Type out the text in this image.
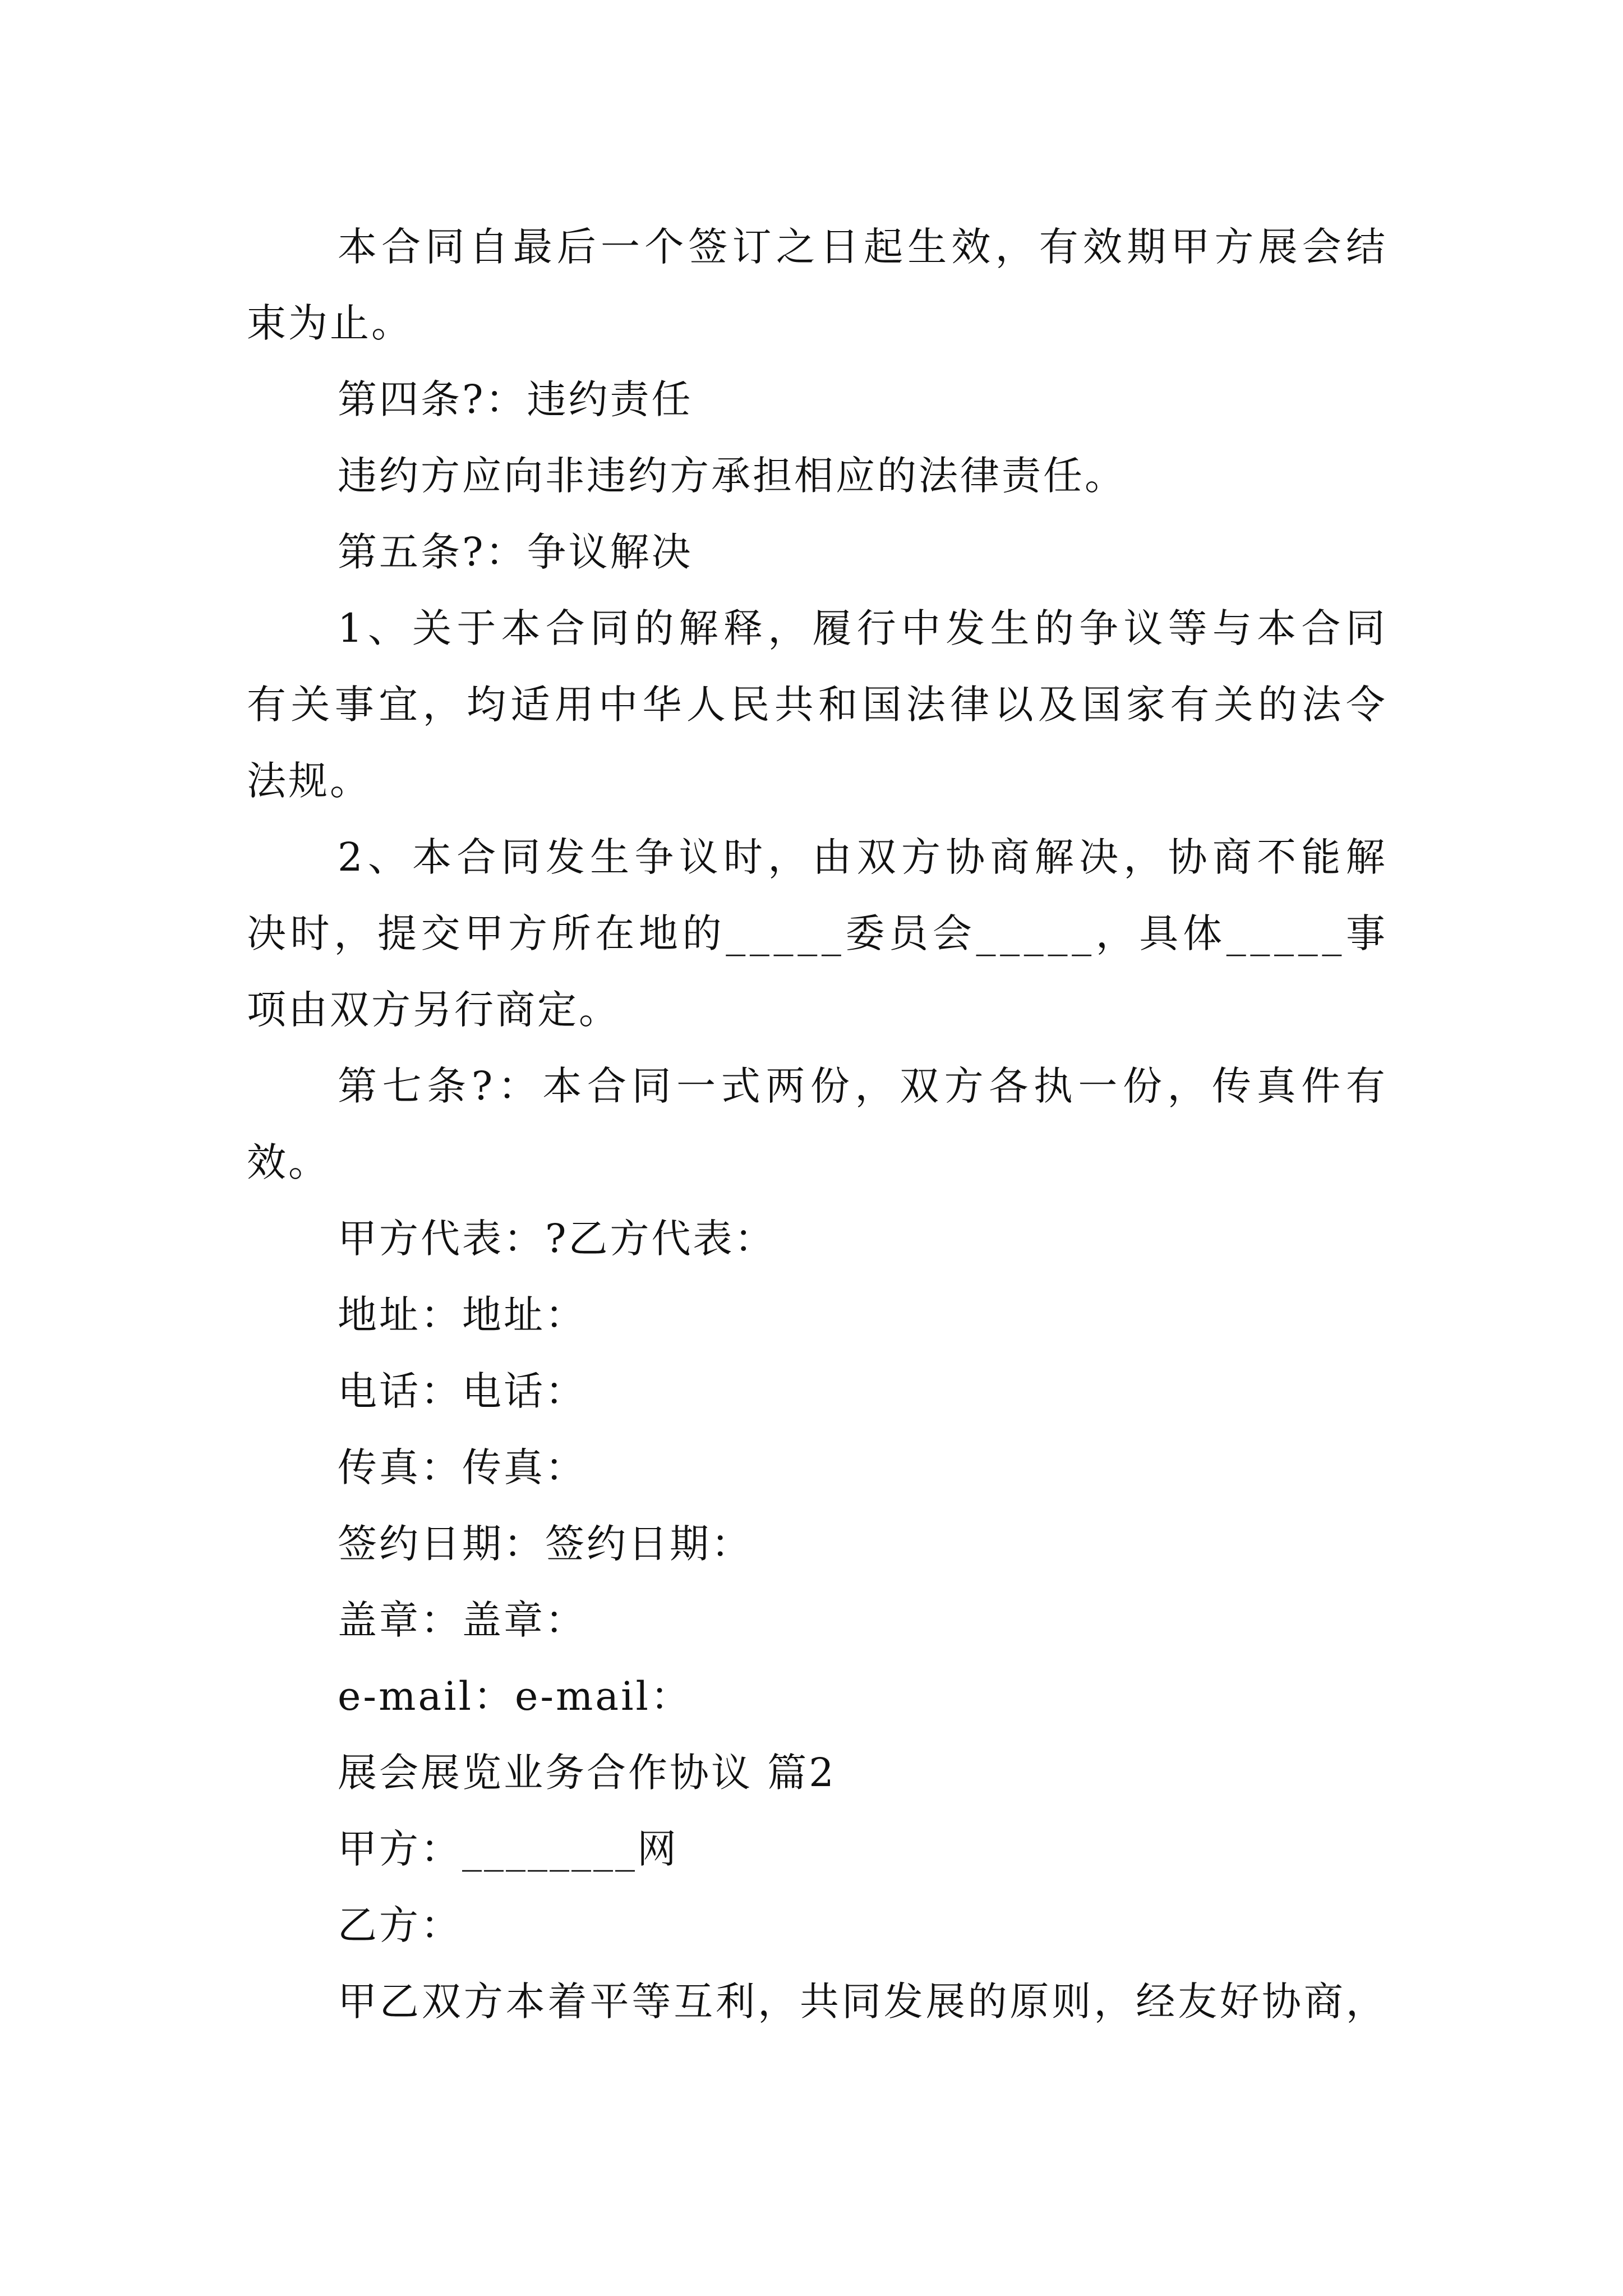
本 合 同 自 最 后 一 个 签 订 之 日 起 生 效 ， 有 效 期 甲 方 展 会 结
束为止。
第四条?：违约责任
违约方应向非违约方承担相应的法律责任。
第五条?：争议解决
1 、 关 于 本 合 同 的 解 释 ， 履 行 中 发 生 的 争 议 等 与 本 合 同
有 关 事 宜 ， 均 适 用 中 华 人 民 共 和 国 法 律 以 及 国 家 有 关 的 法 令
法规。
2 、 本 合 同 发 生 争 议 时 ， 由 双 方 协 商 解 决 ， 协 商 不 能 解
决 时 ， 提 交 甲 方 所 在 地 的 _ _ _ _ _ 委 员 会 _ _ _ _ _ ， 具 体 _ _ _ _ _ 事
项由双方另行商定。
第 七 条 ? ： 本 合 同 一 式 两 份 ， 双 方 各 执 一 份 ， 传 真 件 有
效。
甲方代表：?乙方代表：
地址：地址：
电话：电话：
传真：传真：
签约日期：签约日期：
盖章：盖章：
e-mail：e-mail：
展会展览业务合作协议 篇2
甲方：________网
乙方：
甲 乙 双 方 本 着 平 等 互 利 ， 共 同 发 展 的 原 则 ， 经 友 好 协 商 ，
